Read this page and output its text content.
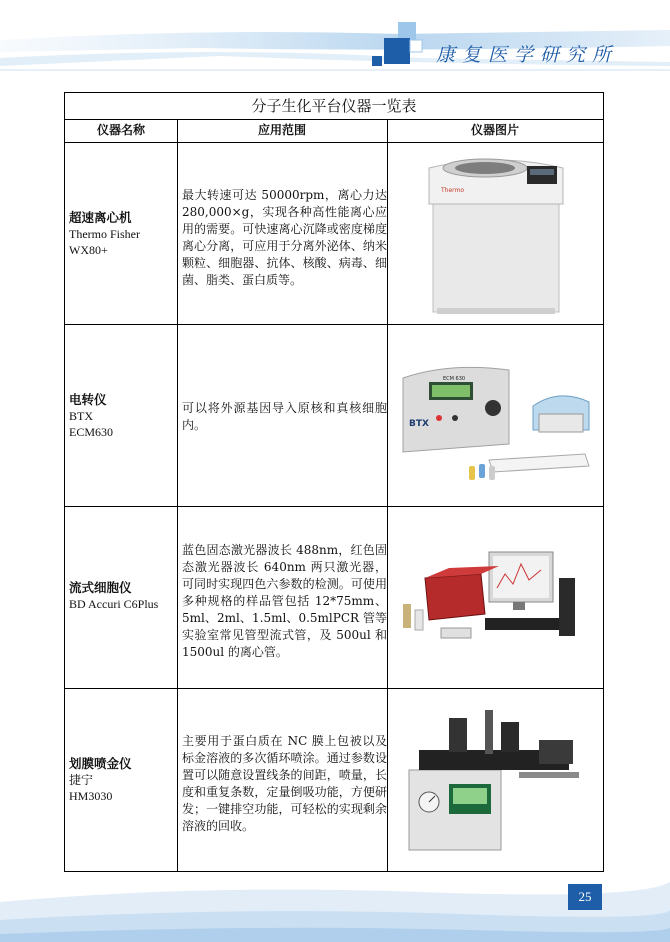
康复医学研究所
分子生化平台仪器一览表
仪器名称	应用范围	仪器图片
超速离心机
Thermo Fisher
WX80+
最大转速可达 50000rpm，离心力达 280,000×g，实现各种高性能离心应用的需要。可快速离心沉降或密度梯度离心分离，可应用于分离外泌体、纳米颗粒、细胞器、抗体、核酸、病毒、细菌、脂类、蛋白质等。
Thermo
电转仪
BTX
ECM630
可以将外源基因导入原核和真核细胞内。
ECM 630
BTX
流式细胞仪
BD Accuri C6Plus
蓝色固态激光器波长 488nm，红色固态激光器波长 640nm 两只激光器，可同时实现四色六参数的检测。可使用多种规格的样品管包括 12*75mm、5ml、2ml、1.5ml、0.5mlPCR 管等实验室常见管型流式管，及 500ul 和 1500ul 的离心管。
划膜喷金仪
捷宁
HM3030
主要用于蛋白质在 NC 膜上包被以及标金溶液的多次循环喷涂。通过参数设置可以随意设置线条的间距，喷量，长度和重复条数，定量倒吸功能，方便研发；一键排空功能，可轻松的实现剩余溶液的回收。
25
